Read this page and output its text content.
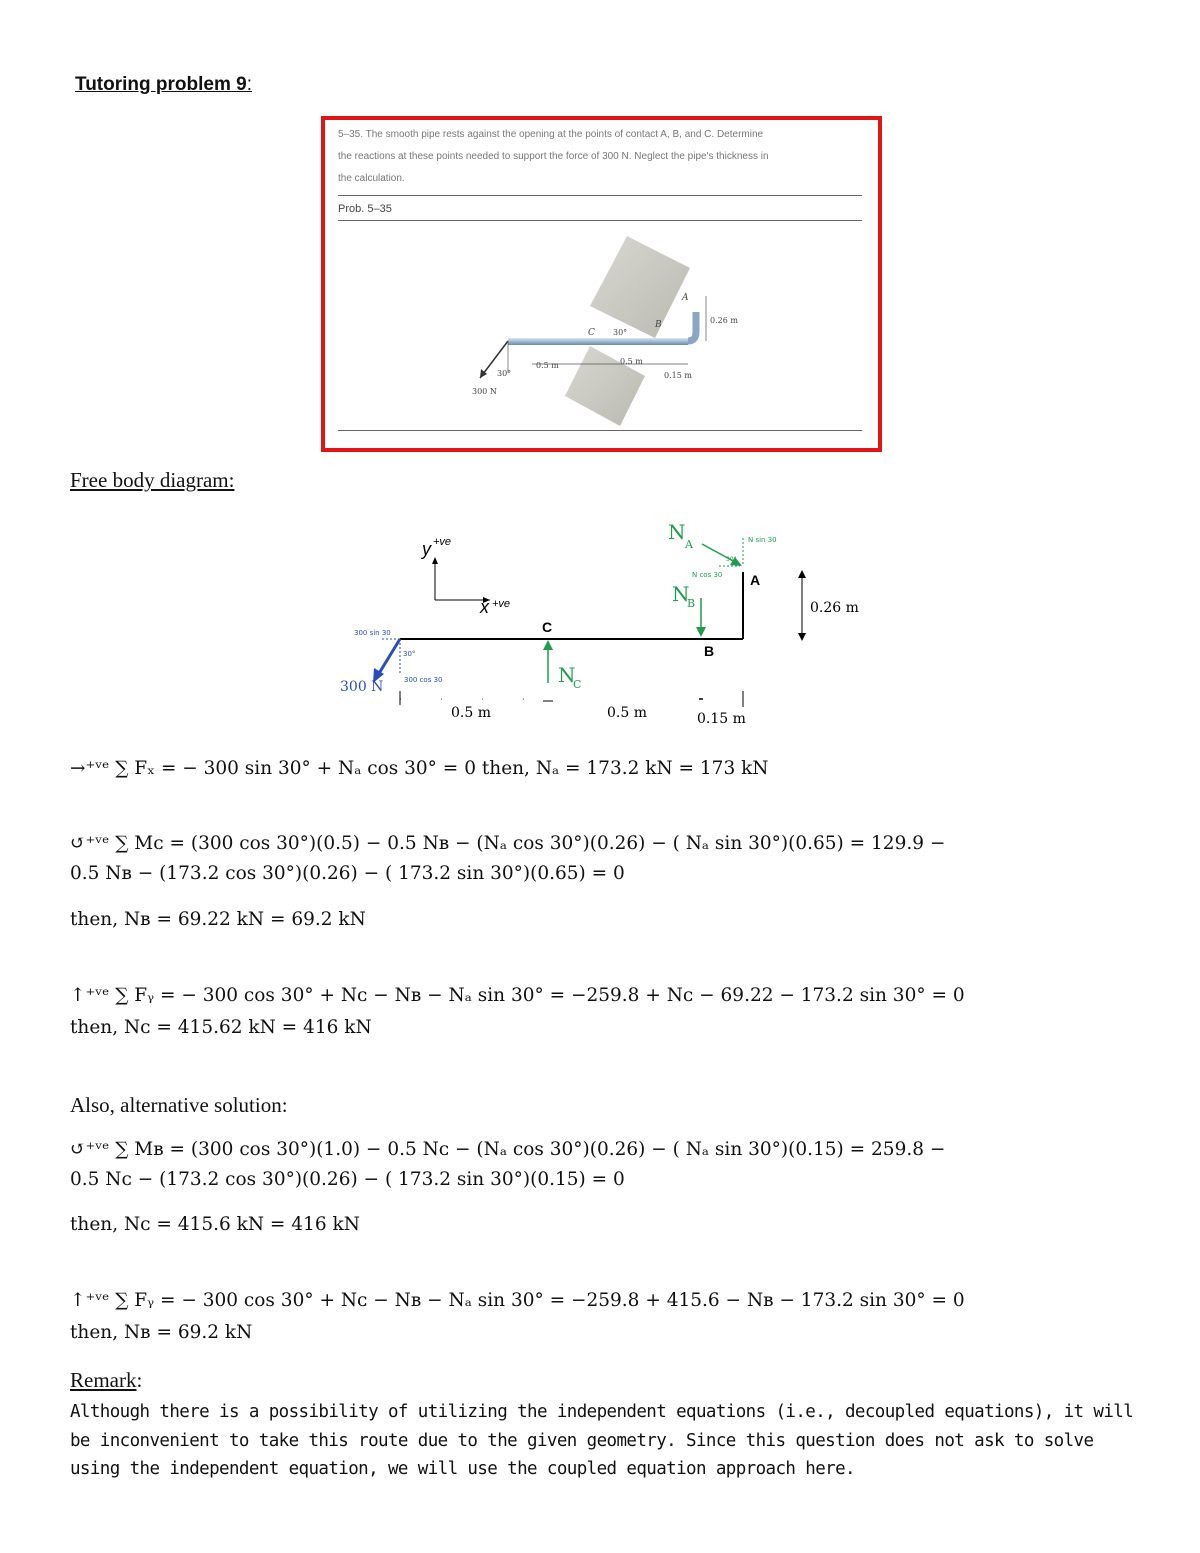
Tutoring problem 9:
5–35. The smooth pipe rests against the opening at the points of contact A, B, and C. Determine
the reactions at these points needed to support the force of 300 N. Neglect the pipe's thickness in
the calculation.
Prob. 5–35
A
B
C 30°
30°
0.26 m
0.5 m	0.5 m
0.15 m
300 N
Free body diagram:
y +ve
x +ve
300 sin 30
300 cos 30
30°
300 N	N
C
C
N
B
B
N
A	N sin 30
N cos 30
30°
A
0.26 m
0.5 m	0.5 m	0.15 m
→⁺ᵛᵉ ∑ Fₓ = − 300 sin 30° + Nₐ cos 30° = 0 then, Nₐ = 173.2 kN = 173 kN
↺⁺ᵛᵉ ∑ Mᴄ = (300 cos 30°)(0.5) − 0.5 Nʙ − (Nₐ cos 30°)(0.26) − ( Nₐ sin 30°)(0.65) = 129.9 −
0.5 Nʙ − (173.2 cos 30°)(0.26) − ( 173.2 sin 30°)(0.65) = 0
then, Nʙ = 69.22 kN = 69.2 kN
↑⁺ᵛᵉ ∑ Fᵧ = − 300 cos 30° + Nᴄ − Nʙ − Nₐ sin 30° = −259.8 + Nᴄ − 69.22 − 173.2 sin 30° = 0
then, Nᴄ = 415.62 kN = 416 kN
Also, alternative solution:
↺⁺ᵛᵉ ∑ Mʙ = (300 cos 30°)(1.0) − 0.5 Nᴄ − (Nₐ cos 30°)(0.26) − ( Nₐ sin 30°)(0.15) = 259.8 −
0.5 Nᴄ − (173.2 cos 30°)(0.26) − ( 173.2 sin 30°)(0.15) = 0
then, Nᴄ = 415.6 kN = 416 kN
↑⁺ᵛᵉ ∑ Fᵧ = − 300 cos 30° + Nᴄ − Nʙ − Nₐ sin 30° = −259.8 + 415.6 − Nʙ − 173.2 sin 30° = 0
then, Nʙ = 69.2 kN
Remark:
Although there is a possibility of utilizing the independent equations (i.e., decoupled equations), it will be inconvenient to take this route due to the given geometry. Since this question does not ask to solve using the independent equation, we will use the coupled equation approach here.
